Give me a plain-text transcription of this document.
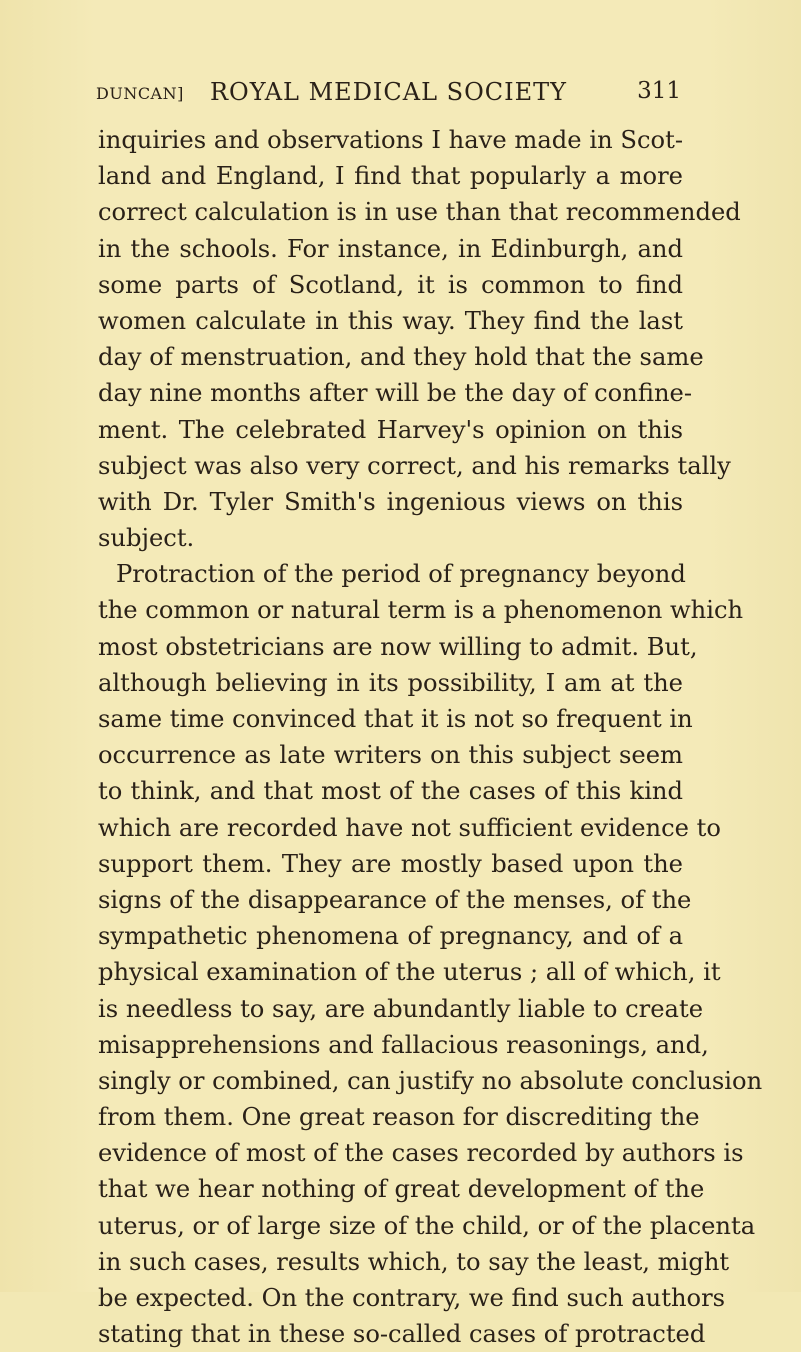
DUNCAN]	ROYAL MEDICAL SOCIETY	311
inquiries and observations I have made in Scot-
land and England, I find that popularly a more
correct calculation is in use than that recommended
in the schools. For instance, in Edinburgh, and
some parts of Scotland, it is common to find
women calculate in this way. They find the last
day of menstruation, and they hold that the same
day nine months after will be the day of confine-
ment. The celebrated Harvey's opinion on this
subject was also very correct, and his remarks tally
with Dr. Tyler Smith's ingenious views on this
subject.
Protraction of the period of pregnancy beyond
the common or natural term is a phenomenon which
most obstetricians are now willing to admit. But,
although believing in its possibility, I am at the
same time convinced that it is not so frequent in
occurrence as late writers on this subject seem
to think, and that most of the cases of this kind
which are recorded have not sufficient evidence to
support them. They are mostly based upon the
signs of the disappearance of the menses, of the
sympathetic phenomena of pregnancy, and of a
physical examination of the uterus ; all of which, it
is needless to say, are abundantly liable to create
misapprehensions and fallacious reasonings, and,
singly or combined, can justify no absolute conclusion
from them. One great reason for discrediting the
evidence of most of the cases recorded by authors is
that we hear nothing of great development of the
uterus, or of large size of the child, or of the placenta
in such cases, results which, to say the least, might
be expected. On the contrary, we find such authors
stating that in these so-called cases of protracted
